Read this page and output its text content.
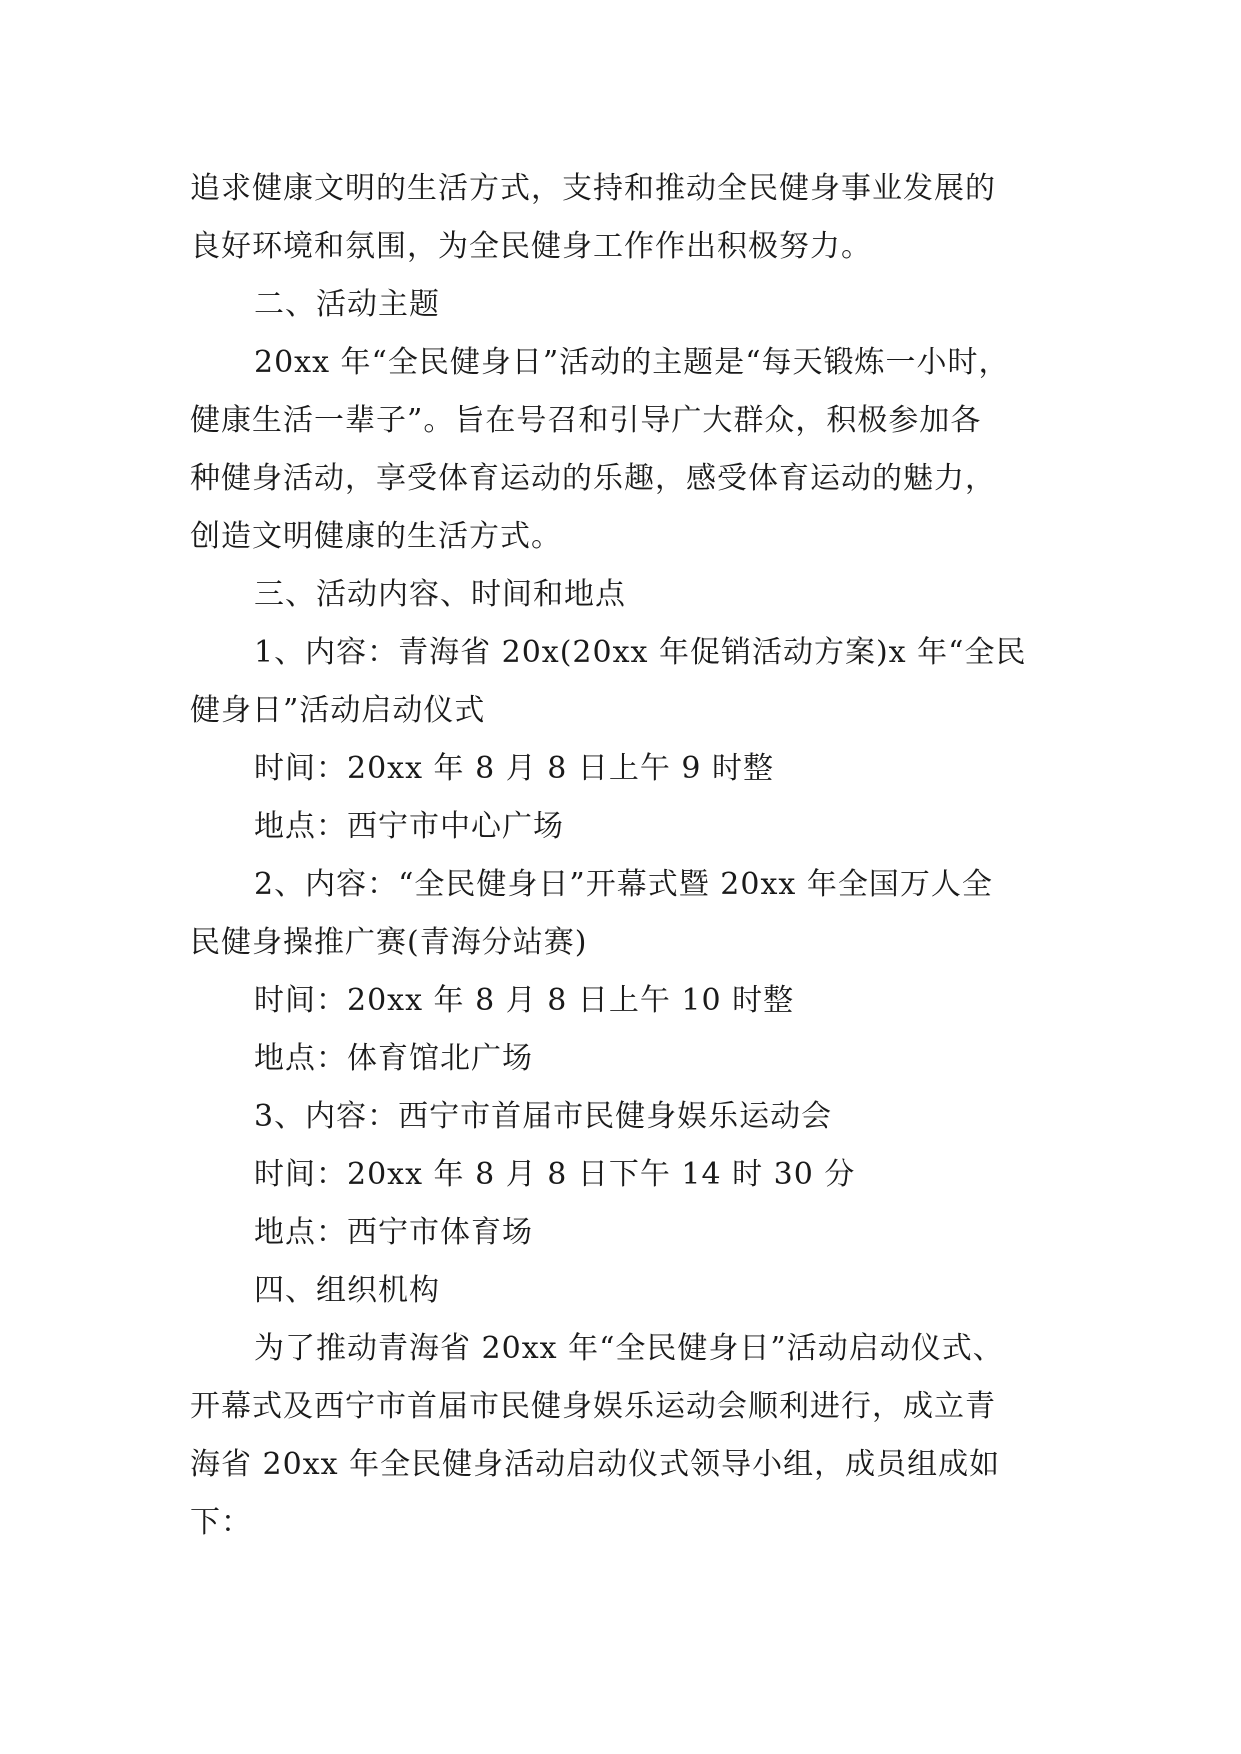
追求健康文明的生活方式，支持和推动全民健身事业发展的
良好环境和氛围，为全民健身工作作出积极努力。
二、活动主题
20xx 年“全民健身日”活动的主题是“每天锻炼一小时，
健康生活一辈子”。旨在号召和引导广大群众，积极参加各
种健身活动，享受体育运动的乐趣，感受体育运动的魅力，
创造文明健康的生活方式。
三、活动内容、时间和地点
1、内容：青海省 20x(20xx 年促销活动方案)x 年“全民
健身日”活动启动仪式
时间：20xx 年 8 月 8 日上午 9 时整
地点：西宁市中心广场
2、内容：“全民健身日”开幕式暨 20xx 年全国万人全
民健身操推广赛(青海分站赛)
时间：20xx 年 8 月 8 日上午 10 时整
地点：体育馆北广场
3、内容：西宁市首届市民健身娱乐运动会
时间：20xx 年 8 月 8 日下午 14 时 30 分
地点：西宁市体育场
四、组织机构
为了推动青海省 20xx 年“全民健身日”活动启动仪式、
开幕式及西宁市首届市民健身娱乐运动会顺利进行，成立青
海省 20xx 年全民健身活动启动仪式领导小组，成员组成如
下：
